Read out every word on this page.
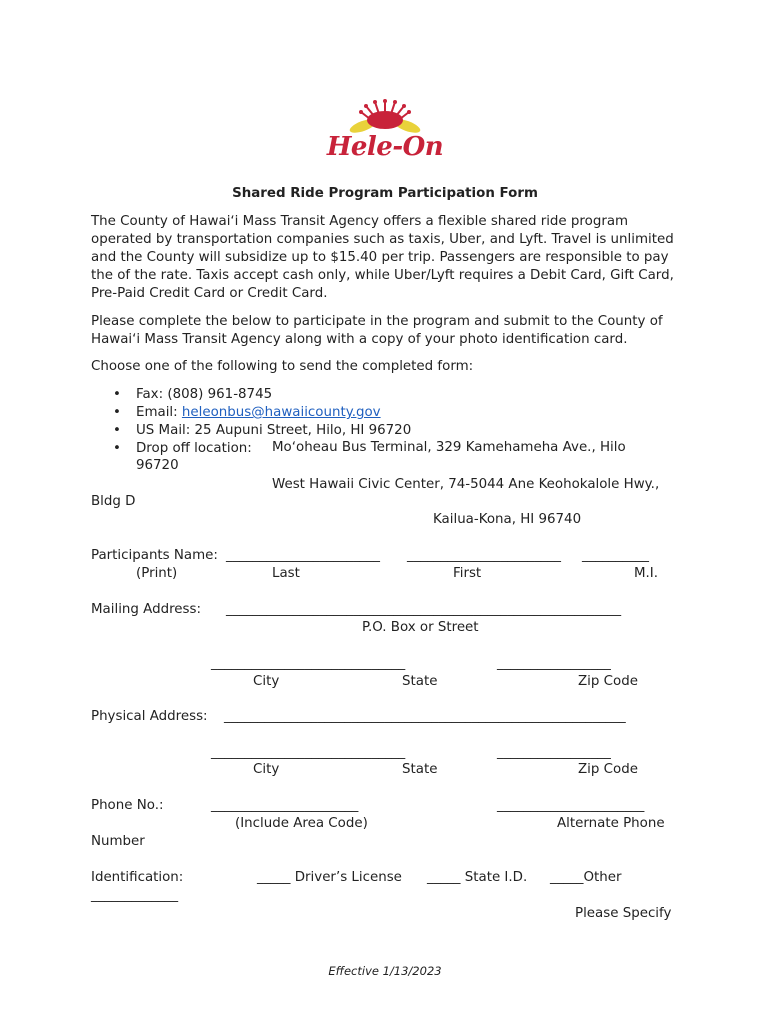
Hele-On
Shared Ride Program Participation Form
The County of Hawaiʻi Mass Transit Agency offers a flexible shared ride program operated by transportation companies such as taxis, Uber, and Lyft. Travel is unlimited and the County will subsidize up to $15.40 per trip. Passengers are responsible to pay the of the rate. Taxis accept cash only, while Uber/Lyft requires a Debit Card, Gift Card, Pre-Paid Credit Card or Credit Card.
Please complete the below to participate in the program and submit to the County of Hawaiʻi Mass Transit Agency along with a copy of your photo identification card.
Choose one of the following to send the completed form:
• Fax: (808) 961-8745
• Email: heleonbus@hawaiicounty.gov
• US Mail: 25 Aupuni Street, Hilo, HI 96720
• Drop off location:	Moʻoheau Bus Terminal, 329 Kamehameha Ave., Hilo
96720
West Hawaii Civic Center, 74-5044 Ane Keohokalole Hwy.,
Bldg D
Kailua-Kona, HI 96740
Participants Name: _______________________ _______________________ __________
(Print)	Last	First	M.I.
Mailing Address: ___________________________________________________________
P.O. Box or Street
_____________________________	_________________
City	State	Zip Code
Physical Address: ____________________________________________________________
_____________________________	_________________
City	State	Zip Code
Phone No.:	______________________	______________________
(Include Area Code)	Alternate Phone
Number
Identification:	_____ Driver’s License _____ State I.D. _____Other
_____________
Please Specify
Effective 1/13/2023
